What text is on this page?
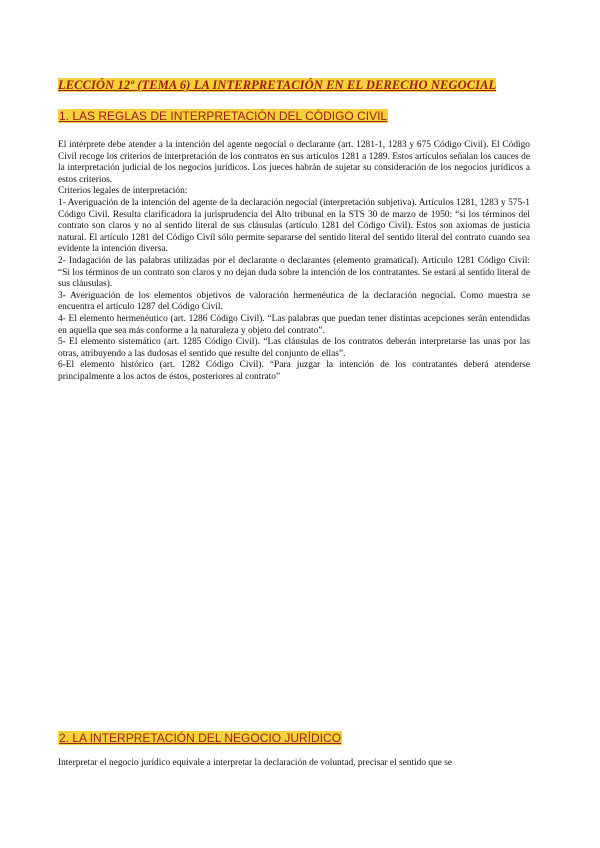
LECCIÓN 12º (TEMA 6) LA INTERPRETACIÓN EN EL DERECHO NEGOCIAL
1. LAS REGLAS DE INTERPRETACIÓN DEL CÓDIGO CIVIL

El intérprete debe atender a la intención del agente negocial o declarante (art. 1281-1, 1283 y 675 Código Civil). El Código Civil recoge los criterios de interpretación de los contratos en sus artículos 1281 a 1289. Estos artículos señalan los cauces de la interpretación judicial de los negocios jurídicos. Los jueces habrán de sujetar su consideración de los negocios jurídicos a estos criterios.

Criterios legales de interpretación:

1- Averiguación de la intención del agente de la declaración negocial (interpretación subjetiva). Artículos 1281, 1283 y 575-1 Código Civil. Resulta clarificadora la jurisprudencia del Alto tribunal en la STS 30 de marzo de 1950: “si los términos del contrato son claros y no al sentido literal de sus cláusulas (artículo 1281 del Código Civil). Estos son axiomas de justicia natural. El artículo 1281 del Código Civil sólo permite separarse del sentido literal del sentido literal del contrato cuando sea evidente la intención diversa.

2- Indagación de las palabras utilizadas por el declarante o declarantes (elemento gramatical). Artículo 1281 Código Civil: “Si los términos de un contrato son claros y no dejan duda sobre la intención de los contratantes. Se estará al sentido literal de sus cláusulas).

3- Averiguación de los elementos objetivos de valoración hermenéutica de la declaración negocial. Como muestra se encuentra el artículo 1287 del Código Civil.

4- El elemento hermenéutico (art. 1286 Código Civil). “Las palabras que puedan tener distintas acepciones serán entendidas en aquella que sea más conforme a la naturaleza y objeto del contrato”.

5- El elemento sistemático (art. 1285 Código Civil). “Las cláusulas de los contratos deberán interpretarse las unas por las otras, atribuyendo a las dudosas el sentido que resulte del conjunto de ellas”.

6-El elemento histórico (art. 1282 Código Civil). “Para juzgar la intención de los contratantes deberá atenderse principalmente a los actos de éstos, posteriores al contrato”

2. LA INTERPRETACIÓN DEL NEGOCIO JURÍDICO

Interpretar el negocio jurídico equivale a interpretar la declaración de voluntad, precisar el sentido que se
